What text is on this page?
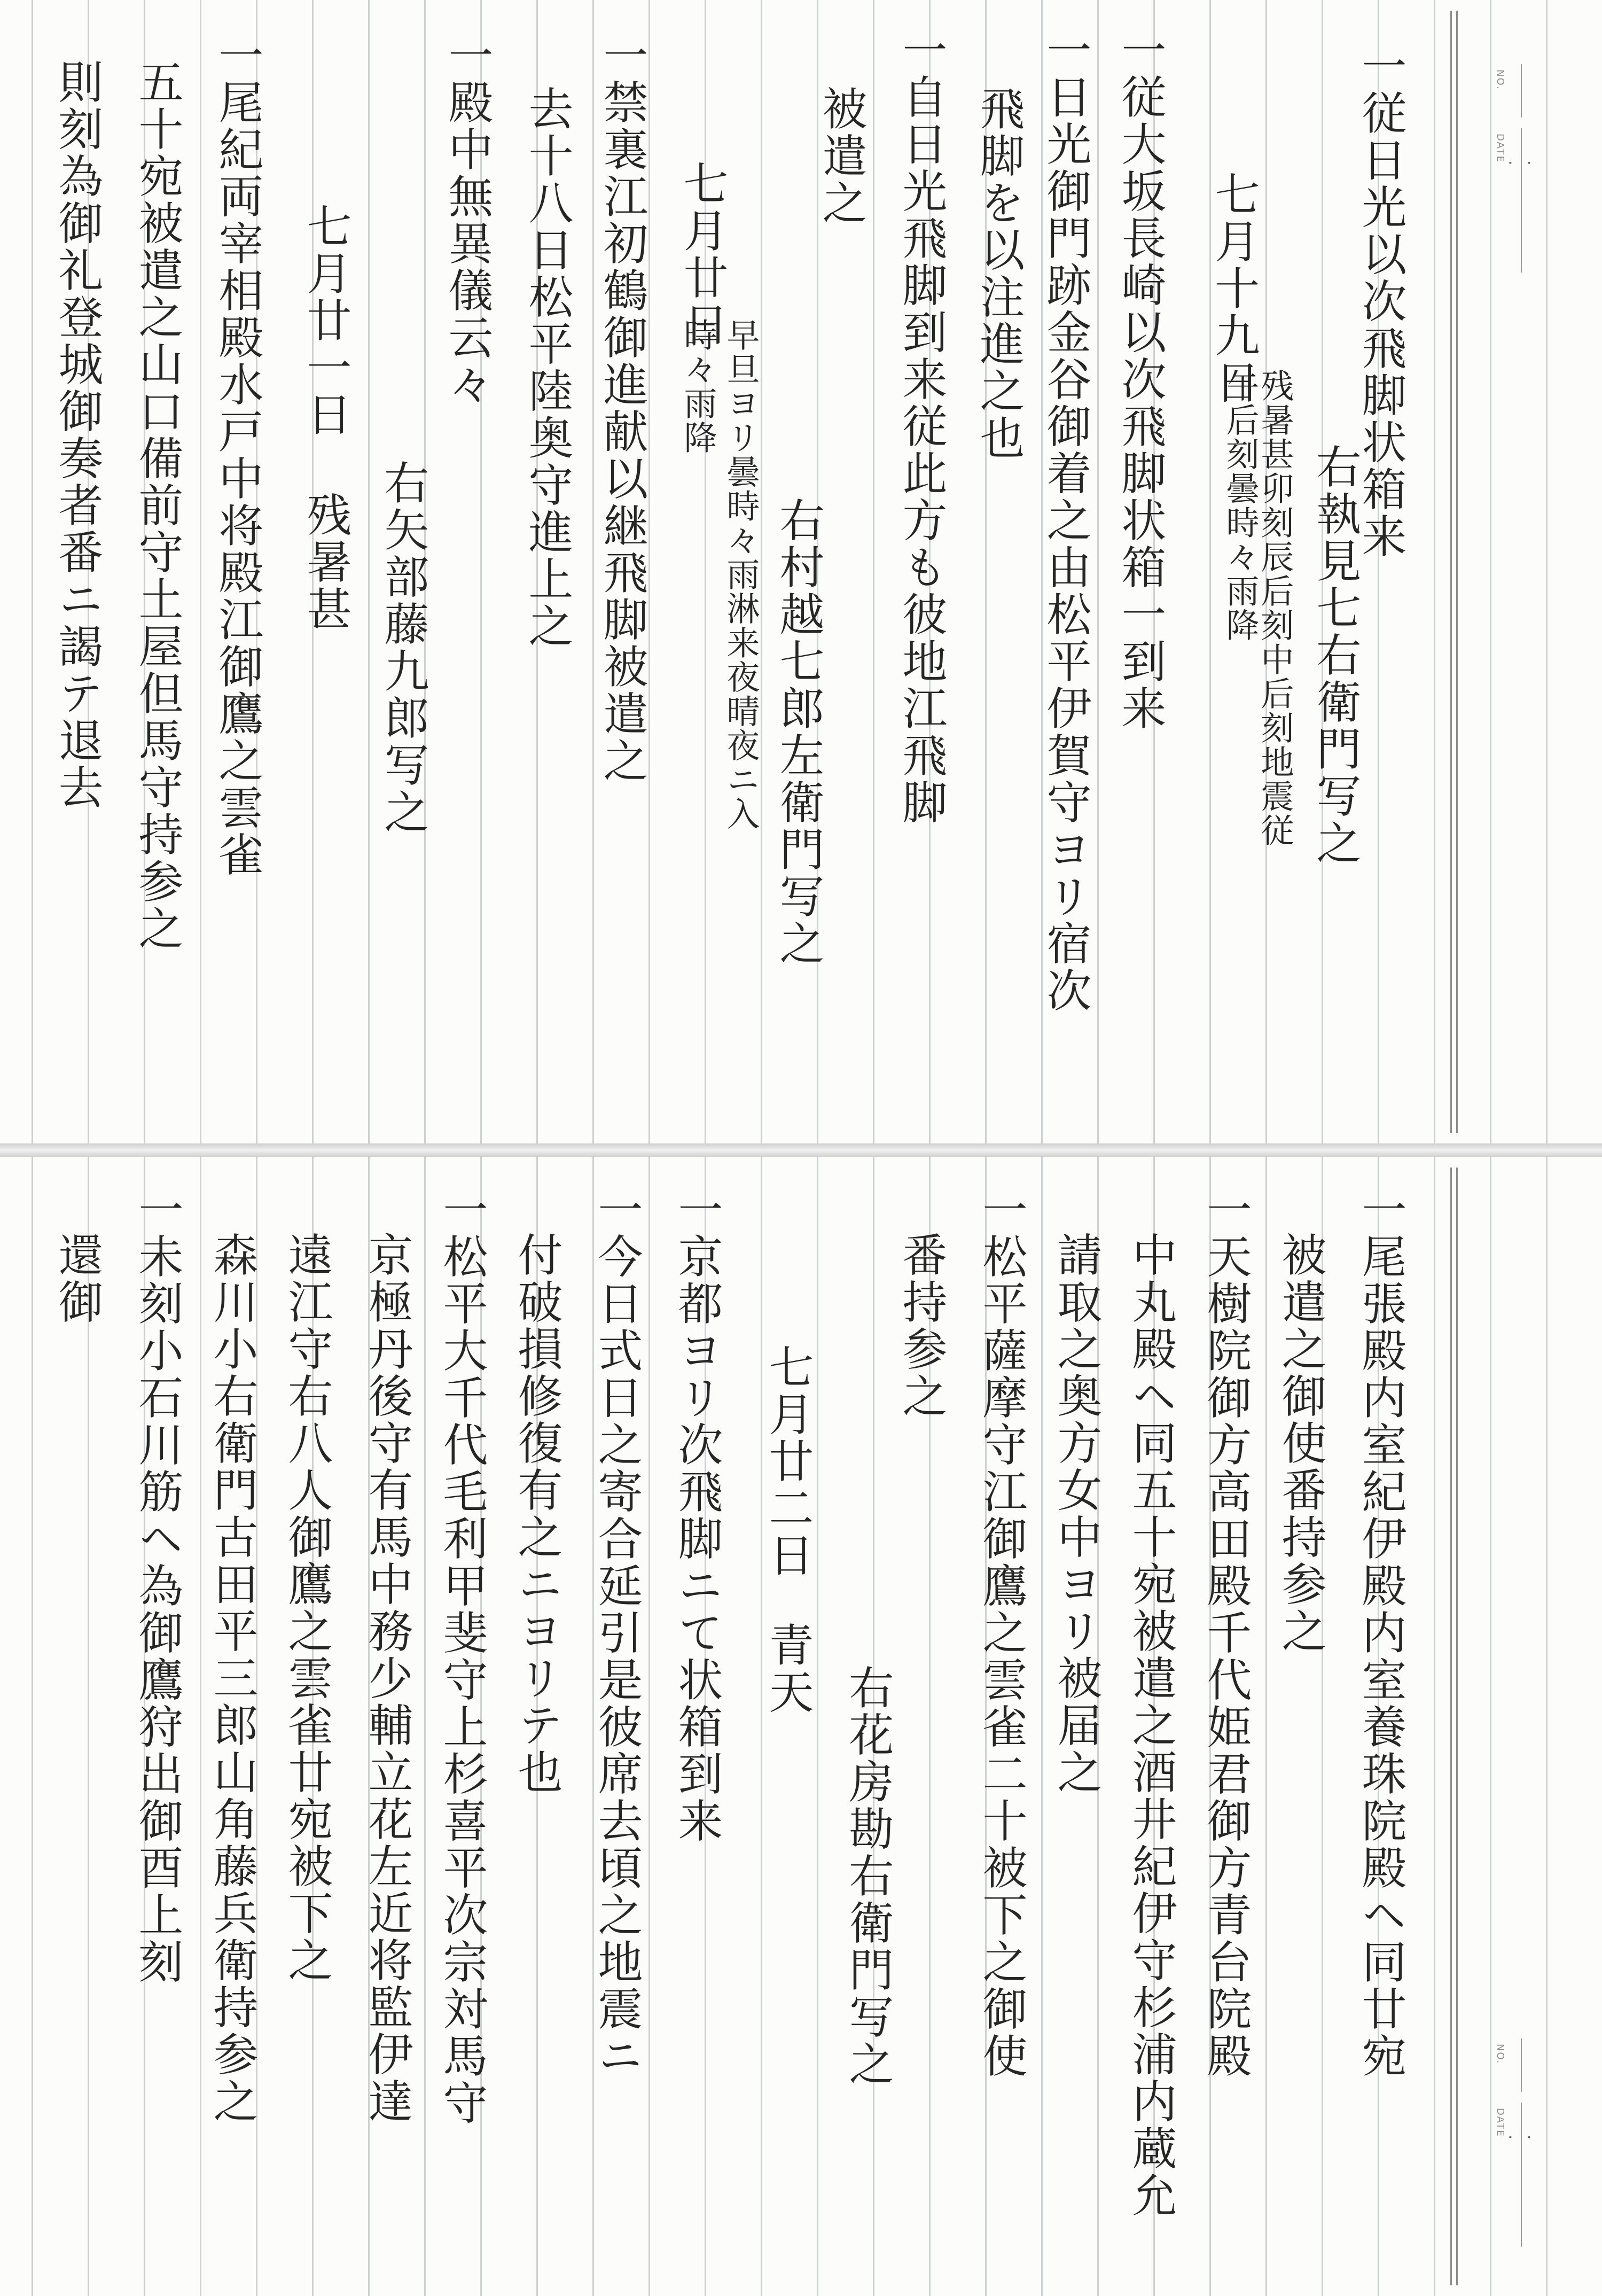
NO.
DATE
· ·
一従日光以次飛脚状箱来
右執見七右衛門写之
七月十九日
残暑甚卯刻辰后刻中后刻地震従
午后刻曇時々雨降
一従大坂長崎以次飛脚状箱一到来
一日光御門跡金谷御着之由松平伊賀守ヨリ宿次
飛脚を以注進之也
一自日光飛脚到来従此方も彼地江飛脚
被遣之
右村越七郎左衛門写之
七月廿日
早旦ヨリ曇時々雨淋来夜晴夜ニ入
時々雨降
一禁裏江初鶴御進献以継飛脚被遣之
去十八日松平陸奥守進上之
一殿中無異儀云々
右矢部藤九郎写之
七月廿一日
残暑甚
一尾紀両宰相殿水戸中将殿江御鷹之雲雀
五十宛被遣之山口備前守土屋但馬守持参之
則刻為御礼登城御奏者番ニ謁テ退去
NO.
DATE
· ·
一尾張殿内室紀伊殿内室養珠院殿ヘ同廿宛
被遣之御使番持参之
一天樹院御方高田殿千代姫君御方青台院殿
中丸殿ヘ同五十宛被遣之酒井紀伊守杉浦内蔵允
請取之奥方女中ヨリ被届之
一松平薩摩守江御鷹之雲雀二十被下之御使
番持参之
右花房勘右衛門写之
七月廿二日
青天
一京都ヨリ次飛脚ニて状箱到来
一今日式日之寄合延引是彼席去頃之地震ニ
付破損修復有之ニヨリテ也
一松平大千代毛利甲斐守上杉喜平次宗対馬守
京極丹後守有馬中務少輔立花左近将監伊達
遠江守右八人御鷹之雲雀廿宛被下之
森川小右衛門古田平三郎山角藤兵衛持参之
一未刻小石川筋ヘ為御鷹狩出御酉上刻
還御
